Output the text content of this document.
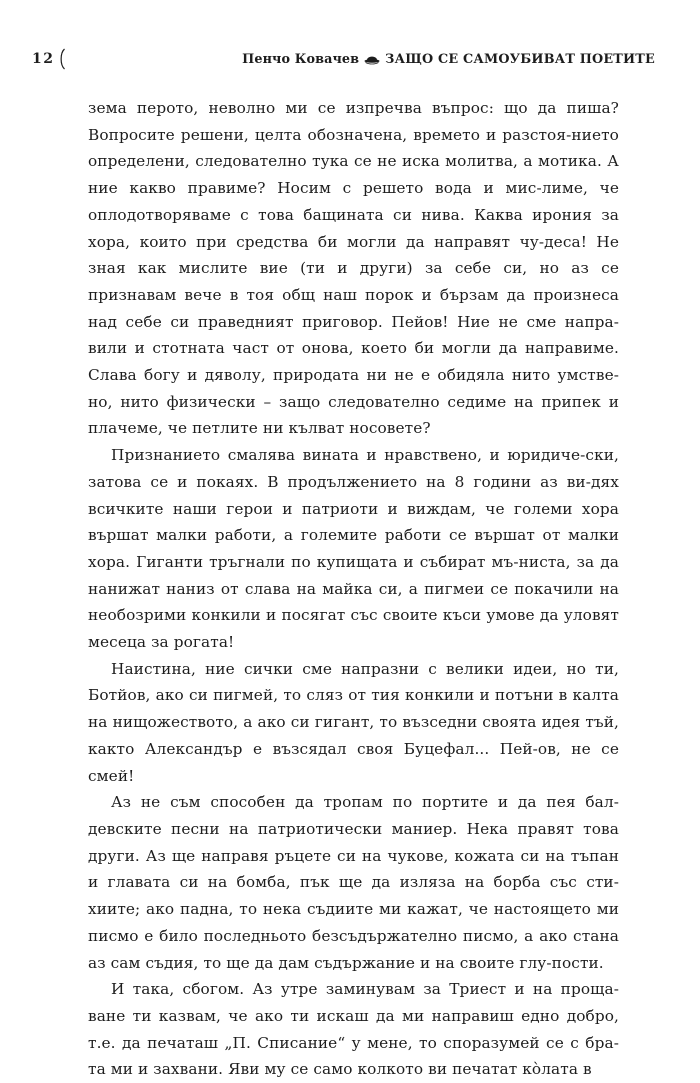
12	Пенчо Ковачев ЗАЩО СЕ САМОУБИВАТ ПОЕТИТЕ

зема перото, неволно ми се изпречва въпрос: що да пиша? Вопросите решени, целта обозначена, времето и разстоя-нието определени, следователно тука се не иска молитва, а мотика. А ние какво правиме? Носим с решето вода и мис-лиме, че оплодотворяваме с това бащината си нива. Каква ирония за хора, които при средства би могли да направят чу-деса! Не зная как мислите вие (ти и други) за себе си, но аз се признавам вече в тоя общ наш порок и бързам да произнеса над себе си праведният приговор. Пейов! Ние не сме напра-вили и стотната част от онова, което би могли да направиме. Слава богу и дяволу, природата ни не е обидяла нито умстве-но, нито физически – защо следователно седиме на припек и плачеме, че петлите ни кълват носовете?

Признанието смалява вината и нравствено, и юридиче-ски, затова се и покаях. В продължението на 8 години аз ви-дях всичките наши герои и патриоти и виждам, че големи хора вършат малки работи, а големите работи се вършат от малки хора. Гиганти тръгнали по купищата и събират мъ-ниста, за да нанижат наниз от слава на майка си, а пигмеи се покачили на необозрими конкили и посягат със своите къси умове да уловят месеца за рогата!

Наистина, ние сички сме напразни с велики идеи, но ти, Ботйов, ако си пигмей, то сляз от тия конкили и потъни в калта на нищожеството, а ако си гигант, то възседни своята идея тъй, както Александър е възсядал своя Буцефал... Пей-ов, не се смей!

Аз не съм способен да тропам по портите и да пея бал-девските песни на патриотически маниер. Нека правят това други. Аз ще направя ръцете си на чукове, кожата си на тъпан и главата си на бомба, пък ще да изляза на борба със сти-хиите; ако падна, то нека съдиите ми кажат, че настоящето ми писмо е било последньото безсъдържателно писмо, а ако стана аз сам съдия, то ще да дам съдържание и на своите глу-пости.

И така, сбогом. Аз утре заминувам за Триест и на проща-ване ти казвам, че ако ти искаш да ми направиш едно добро, т.е. да печаташ „П. Списание“ у мене, то споразумей се с бра-та ми и захвани. Яви му се само колкото ви печатат кòлата в
